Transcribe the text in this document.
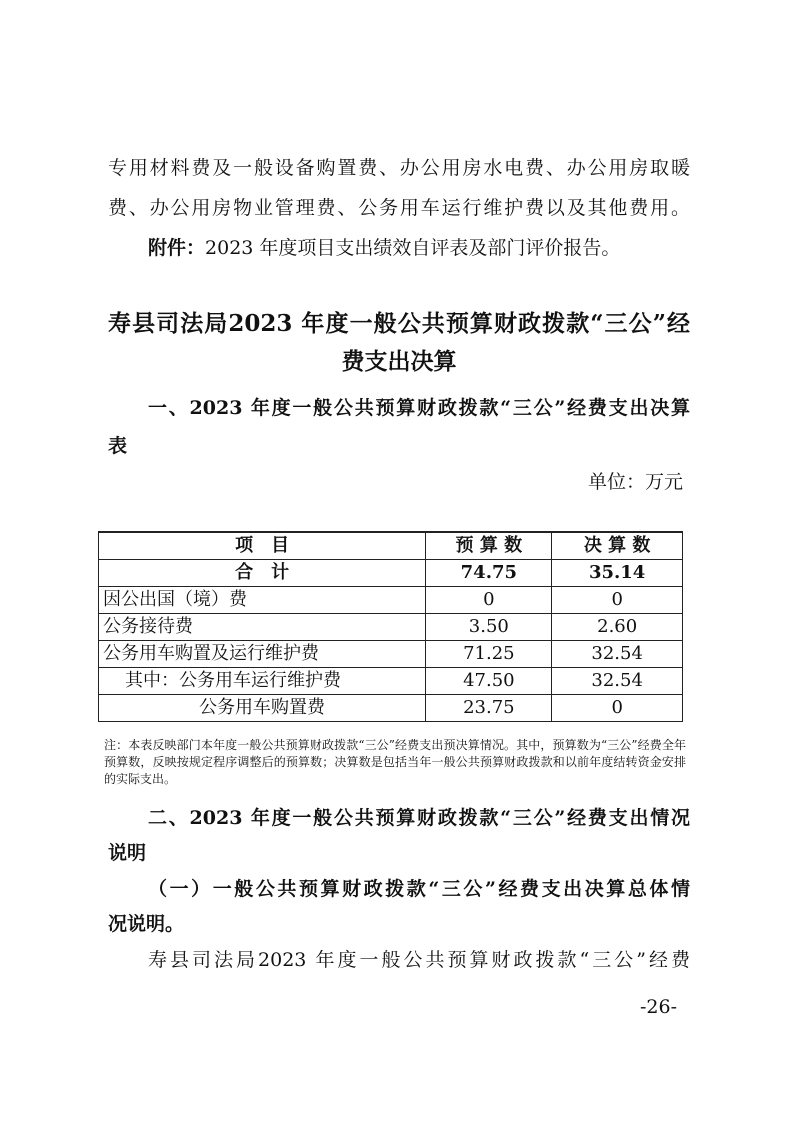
专用材料费及一般设备购置费、办公用房水电费、办公用房取暖
费、办公用房物业管理费、公务用车运行维护费以及其他费用。
附件：2023 年度项目支出绩效自评表及部门评价报告。
寿县司法局2023 年度一般公共预算财政拨款“三公”经
费支出决算
一、2023 年度一般公共预算财政拨款“三公”经费支出决算
表
单位：万元
项　目	预 算 数	决 算 数
合　计	74.75	35.14
因公出国（境）费	0	0
公务接待费	3.50	2.60
公务用车购置及运行维护费	71.25	32.54
其中：公务用车运行维护费	47.50	32.54
公务用车购置费	23.75	0
注：本表反映部门本年度一般公共预算财政拨款“三公”经费支出预决算情况。其中，预算数为“三公”经费全年预算数，反映按规定程序调整后的预算数；决算数是包括当年一般公共预算财政拨款和以前年度结转资金安排的实际支出。
二、2023 年度一般公共预算财政拨款“三公”经费支出情况
说明
（一）一般公共预算财政拨款“三公”经费支出决算总体情
况说明。
寿县司法局2023 年度一般公共预算财政拨款“三公”经费
-26-
